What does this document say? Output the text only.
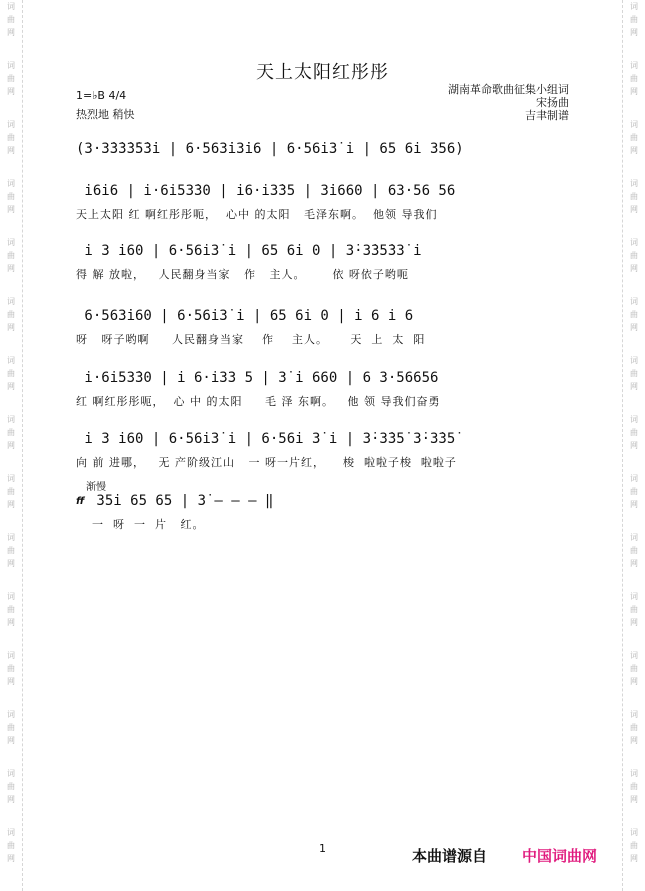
词
曲
网
词
曲
网
词
曲
网
词
曲
网
词
曲
网
词
曲
网
词
曲
网
词
曲
网
词
曲
网
词
曲
网
词
曲
网
词
曲
网
词
曲
网
词
曲
网
词
曲
网
词
曲
网
词
曲
网
词
曲
网
词
曲
网
词
曲
网
词
曲
网
词
曲
网
词
曲
网
词
曲
网
词
曲
网
词
曲
网
词
曲
网
词
曲
网
词
曲
网
词
曲
网
天上太阳红彤彤
1=♭B 4/4
热烈地 稍快
湖南革命歌曲征集小组词
宋扬曲
吉聿制谱
(3·3̇3̇3̇3̇5̇3̇i | 6·563̇i3̇i6 | 6·56i3̇ i | 65 6i 356)
i6i6 | i·6i53̇30 | i6·i3̇35 | 3̇i660 | 63·56 56
天上太阳 红 啊红彤彤呃，  心中 的太阳   毛泽东啊。  他领 导我们
i 3 i60 | 6·56i3̇ i | 65 6i 0 | 3̇·3̇35̇33̇ i
得 解 放啦，   人民翻身当家   作   主人。      依 呀依子哟呃
6·563̇i60 | 6·56i3̇ i | 65 6i 0 | i 6 i 6
呀   呀子哟啊     人民翻身当家    作    主人。     天  上  太  阳
i·6i53̇30 | i 6·i33 5 | 3̇ i 660 | 6 3·56656
红 啊红彤彤呃，  心 中 的太阳     毛 泽 东啊。   他 领 导我们奋勇
i 3 i60 | 6·56i3̇ i | 6·56i 3̇ i | 3̇·3̇35̇ 3̇·3̇35̇
向 前 进哪，   无 产阶级江山   一 呀一片红，    梭  啦啦子梭  啦啦子
渐慢
ff 35i 65 65 | 3̇ — — — ‖
一  呀  一  片   红。
1	本曲谱源自 中国词曲网
